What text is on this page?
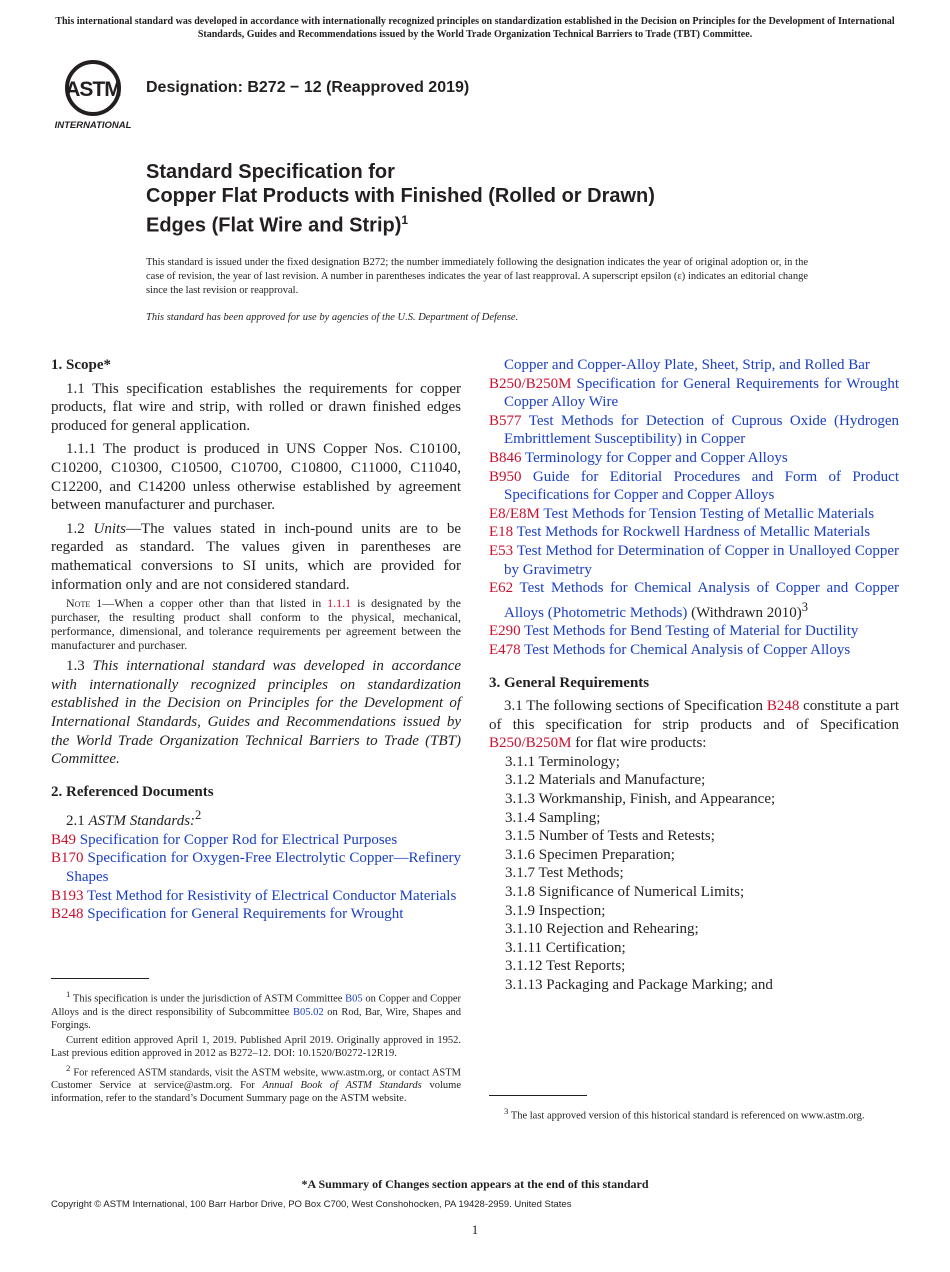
This international standard was developed in accordance with internationally recognized principles on standardization established in the Decision on Principles for the Development of International Standards, Guides and Recommendations issued by the World Trade Organization Technical Barriers to Trade (TBT) Committee.
ASTM
INTERNATIONAL
Designation: B272 − 12 (Reapproved 2019)
Standard Specification for
Copper Flat Products with Finished (Rolled or Drawn)
Edges (Flat Wire and Strip)$^1$
This standard is issued under the fixed designation B272; the number immediately following the designation indicates the year of original adoption or, in the case of revision, the year of last revision. A number in parentheses indicates the year of last reapproval. A superscript epsilon (ε) indicates an editorial change since the last revision or reapproval.
This standard has been approved for use by agencies of the U.S. Department of Defense.
1. Scope*

1.1 This specification establishes the requirements for copper products, flat wire and strip, with rolled or drawn finished edges produced for general application.

1.1.1 The product is produced in UNS Copper Nos. C10100, C10200, C10300, C10500, C10700, C10800, C11000, C11040, C12200, and C14200 unless otherwise established by agreement between manufacturer and purchaser.

1.2 Units—The values stated in inch-pound units are to be regarded as standard. The values given in parentheses are mathematical conversions to SI units, which are provided for information only and are not considered standard.

Note 1—When a copper other than that listed in 1.1.1 is designated by the purchaser, the resulting product shall conform to the physical, mechanical, performance, dimensional, and tolerance requirements per agreement between the manufacturer and purchaser.

1.3 This international standard was developed in accordance with internationally recognized principles on standardization established in the Decision on Principles for the Development of International Standards, Guides and Recommendations issued by the World Trade Organization Technical Barriers to Trade (TBT) Committee.

2. Referenced Documents

2.1 ASTM Standards:$^2$

B49 Specification for Copper Rod for Electrical Purposes

B170 Specification for Oxygen-Free Electrolytic Copper—Refinery Shapes

B193 Test Method for Resistivity of Electrical Conductor Materials

B248 Specification for General Requirements for Wrought

Copper and Copper-Alloy Plate, Sheet, Strip, and Rolled Bar

B250/B250M Specification for General Requirements for Wrought Copper Alloy Wire

B577 Test Methods for Detection of Cuprous Oxide (Hydrogen Embrittlement Susceptibility) in Copper

B846 Terminology for Copper and Copper Alloys

B950 Guide for Editorial Procedures and Form of Product Specifications for Copper and Copper Alloys

E8/E8M Test Methods for Tension Testing of Metallic Materials

E18 Test Methods for Rockwell Hardness of Metallic Materials

E53 Test Method for Determination of Copper in Unalloyed Copper by Gravimetry

E62 Test Methods for Chemical Analysis of Copper and Copper Alloys (Photometric Methods) (Withdrawn 2010)$^3$

E290 Test Methods for Bend Testing of Material for Ductility

E478 Test Methods for Chemical Analysis of Copper Alloys

3. General Requirements

3.1 The following sections of Specification B248 constitute a part of this specification for strip products and of Specification B250/B250M for flat wire products:

3.1.1 Terminology;
3.1.2 Materials and Manufacture;
3.1.3 Workmanship, Finish, and Appearance;
3.1.4 Sampling;
3.1.5 Number of Tests and Retests;
3.1.6 Specimen Preparation;
3.1.7 Test Methods;
3.1.8 Significance of Numerical Limits;
3.1.9 Inspection;
3.1.10 Rejection and Rehearing;
3.1.11 Certification;
3.1.12 Test Reports;
3.1.13 Packaging and Package Marking; and

$^1$ This specification is under the jurisdiction of ASTM Committee B05 on Copper and Copper Alloys and is the direct responsibility of Subcommittee B05.02 on Rod, Bar, Wire, Shapes and Forgings.

Current edition approved April 1, 2019. Published April 2019. Originally approved in 1952. Last previous edition approved in 2012 as B272–12. DOI: 10.1520/B0272-12R19.

$^2$ For referenced ASTM standards, visit the ASTM website, www.astm.org, or contact ASTM Customer Service at service@astm.org. For Annual Book of ASTM Standards volume information, refer to the standard’s Document Summary page on the ASTM website.

$^3$ The last approved version of this historical standard is referenced on www.astm.org.

*A Summary of Changes section appears at the end of this standard
Copyright © ASTM International, 100 Barr Harbor Drive, PO Box C700, West Conshohocken, PA 19428-2959. United States
1
